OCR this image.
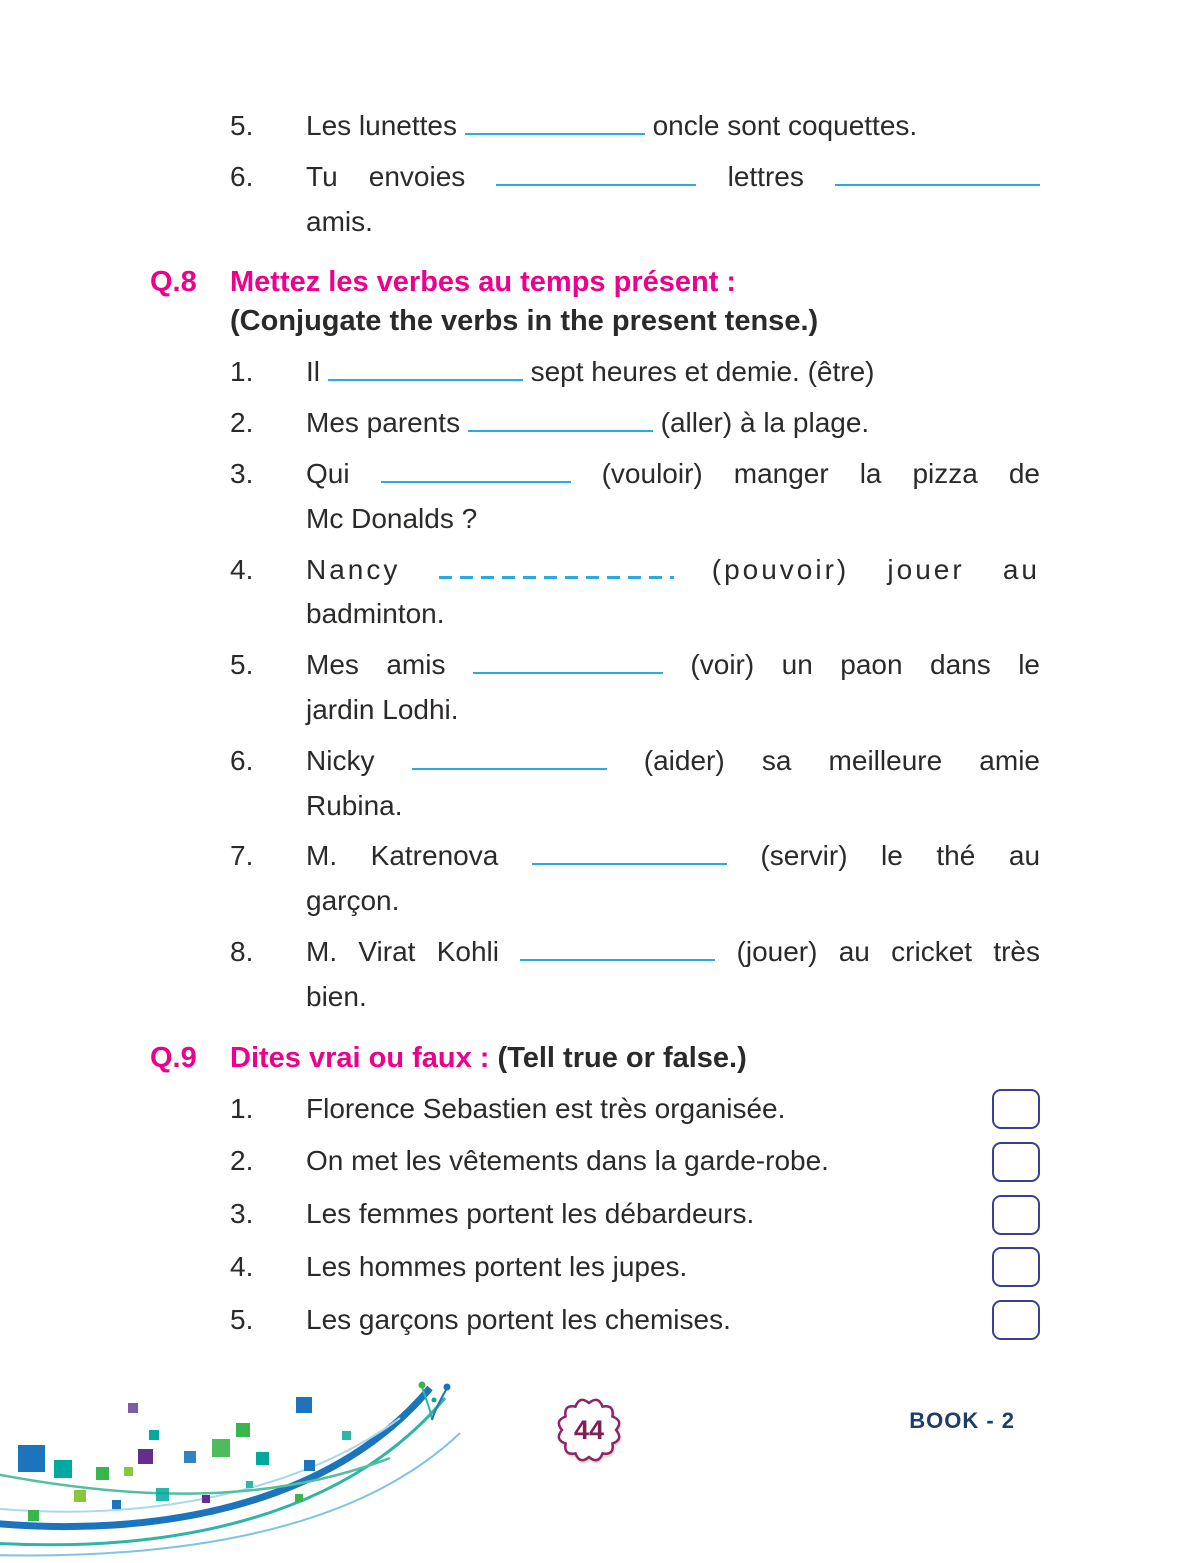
5.	Les lunettes	oncle sont coquettes.
6.	Tu envoies	lettres
amis.
Q.8	Mettez les verbes au temps présent :
(Conjugate the verbs in the present tense.)
1.	Il	sept heures et demie. (être)
2.	Mes parents	(aller) à la plage.
3.	Qui	(vouloir) manger la pizza de
Mc Donalds ?
4.	Nancy	(pouvoir) jouer au
badminton.
5.	Mes amis	(voir) un paon dans le
jardin Lodhi.
6.	Nicky	(aider) sa meilleure amie
Rubina.
7.	M. Katrenova	(servir) le thé au
garçon.
8.	M. Virat Kohli	(jouer) au cricket très
bien.
Q.9	Dites vrai ou faux : (Tell true or false.)
1.	Florence Sebastien est très organisée.
2.	On met les vêtements dans la garde-robe.
3.	Les femmes portent les débardeurs.
4.	Les hommes portent les jupes.
5.	Les garçons portent les chemises.
44	BOOK - 2
